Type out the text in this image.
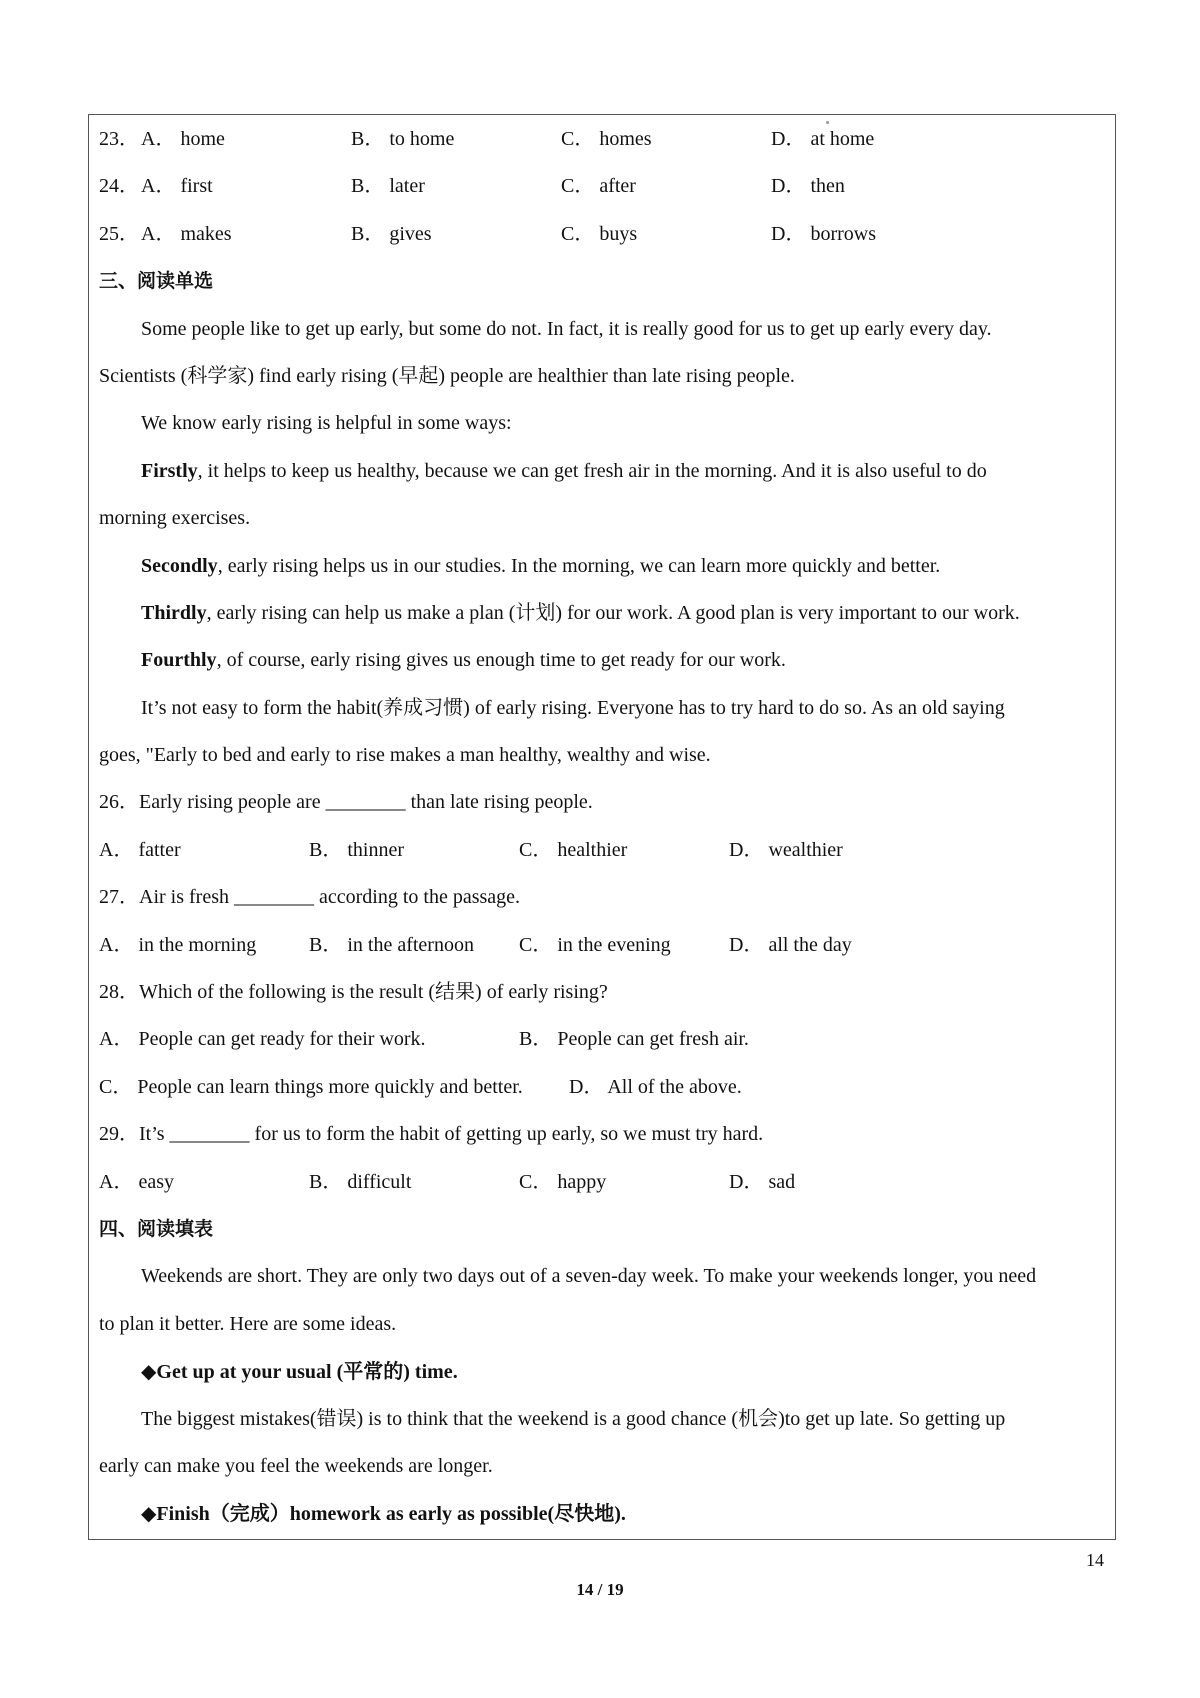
23． A． home	B． to home	C． homes	D． at home
24． A． first	B． later	C． after	D． then
25． A． makes	B． gives	C． buys	D． borrows
三、阅读单选
Some people like to get up early, but some do not. In fact, it is really good for us to get up early every day.
Scientists (科学家) find early rising (早起) people are healthier than late rising people.
We know early rising is helpful in some ways:
Firstly, it helps to keep us healthy, because we can get fresh air in the morning. And it is also useful to do
morning exercises.
Secondly, early rising helps us in our studies. In the morning, we can learn more quickly and better.
Thirdly, early rising can help us make a plan (计划) for our work. A good plan is very important to our work.
Fourthly, of course, early rising gives us enough time to get ready for our work.
It’s not easy to form the habit(养成习惯) of early rising. Everyone has to try hard to do so. As an old saying
goes, "Early to bed and early to rise makes a man healthy, wealthy and wise.
26．Early rising people are ________ than late rising people.
A． fatter	B． thinner	C． healthier	D． wealthier
27．Air is fresh ________ according to the passage.
A． in the morning	B． in the afternoon C． in the evening	D． all the day
28．Which of the following is the result (结果) of early rising?
A． People can get ready for their work.	B． People can get fresh air.
C． People can learn things more quickly and better. D． All of the above.
29．It’s ________ for us to form the habit of getting up early, so we must try hard.
A． easy	B． difficult	C． happy	D． sad
四、阅读填表
Weekends are short. They are only two days out of a seven-day week. To make your weekends longer, you need
to plan it better. Here are some ideas.
◆Get up at your usual (平常的) time.
The biggest mistakes(错误) is to think that the weekend is a good chance (机会)to get up late. So getting up
early can make you feel the weekends are longer.
◆Finish（完成）homework as early as possible(尽快地).
14
14 / 19
